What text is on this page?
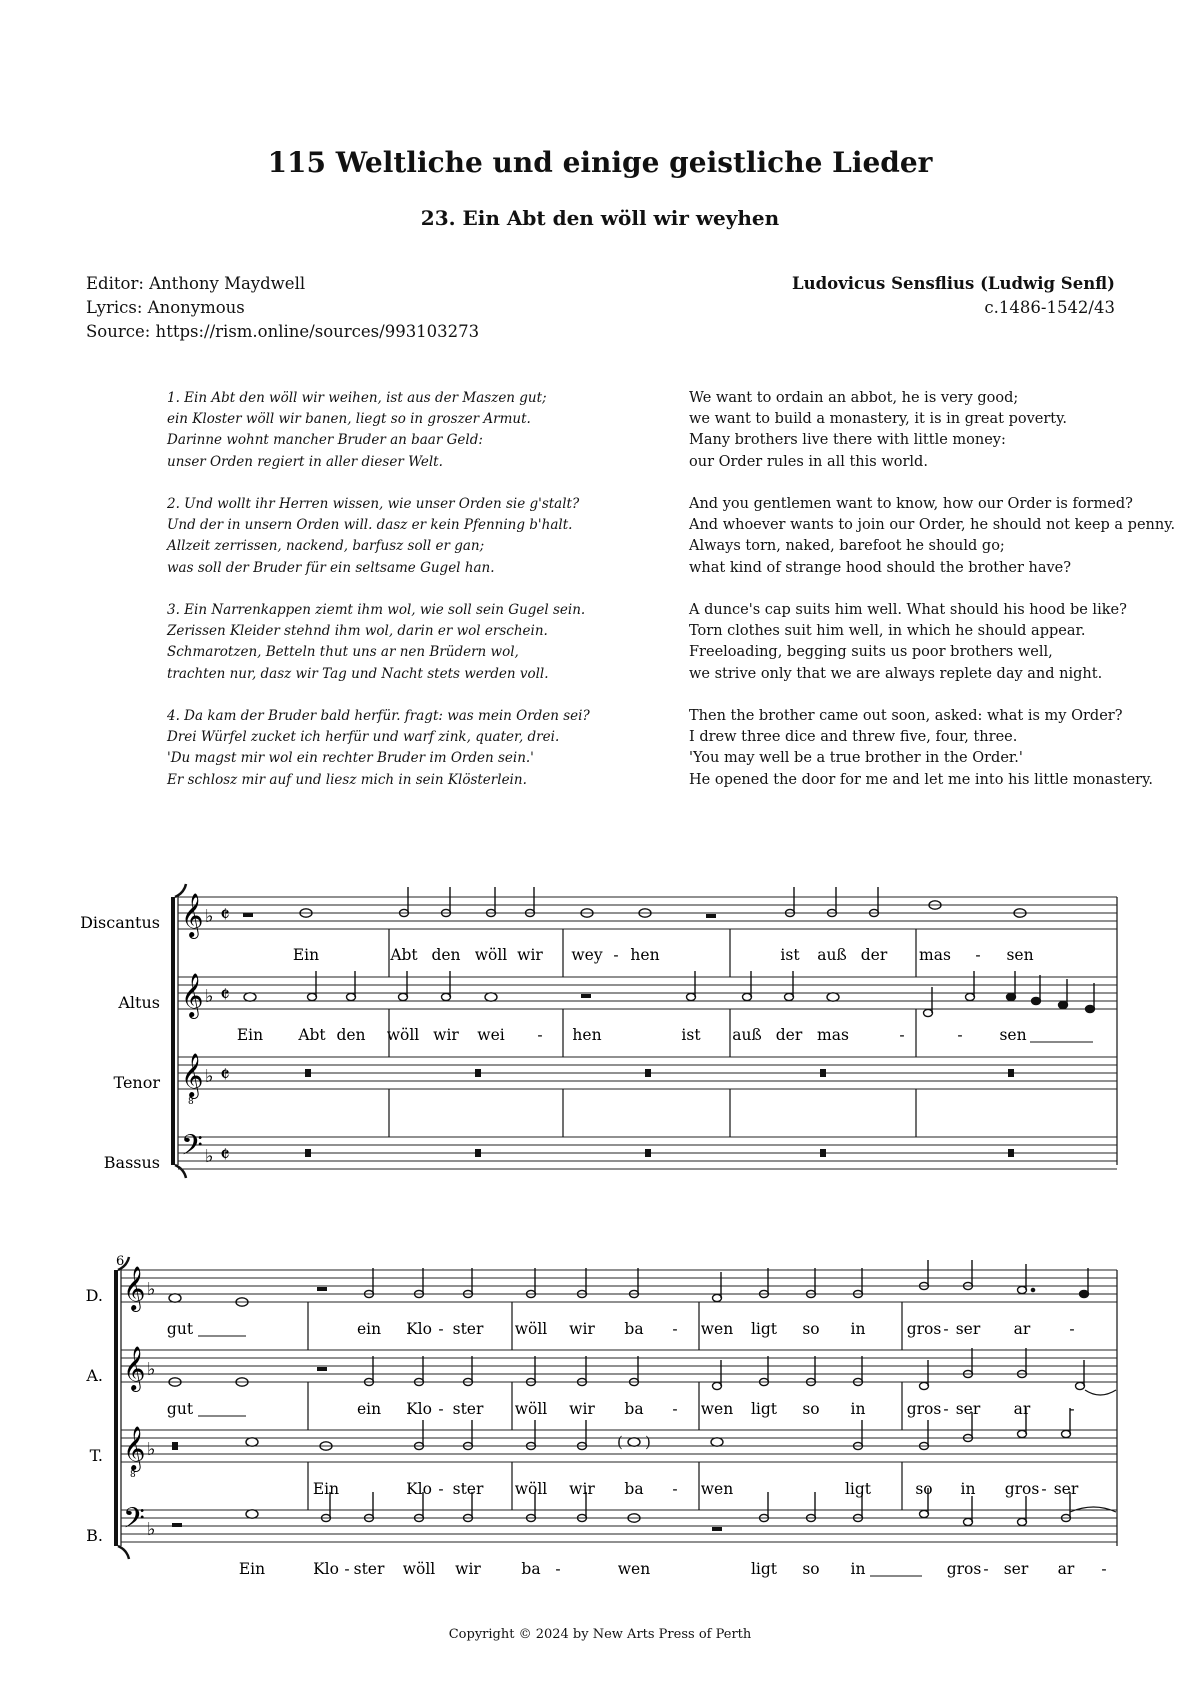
115 Weltliche und einige geistliche Lieder
23. Ein Abt den wöll wir weyhen
Editor: Anthony Maydwell
Lyrics: Anonymous
Source: https://rism.online/sources/993103273
Ludovicus Sensflius (Ludwig Senfl)
c.1486-1542/43
1. Ein Abt den wöll wir weihen, ist aus der Maszen gut;
ein Kloster wöll wir banen, liegt so in groszer Armut.
Darinne wohnt mancher Bruder an baar Geld:
unser Orden regiert in aller dieser Welt.
2. Und wollt ihr Herren wissen, wie unser Orden sie g'stalt?
Und der in unsern Orden will. dasz er kein Pfenning b'halt.
Allzeit zerrissen, nackend, barfusz soll er gan;
was soll der Bruder für ein seltsame Gugel han.
3. Ein Narrenkappen ziemt ihm wol, wie soll sein Gugel sein.
Zerissen Kleider stehnd ihm wol, darin er wol erschein.
Schmarotzen, Betteln thut uns ar nen Brüdern wol,
trachten nur, dasz wir Tag und Nacht stets werden voll.
4. Da kam der Bruder bald herfür. fragt: was mein Orden sei?
Drei Würfel zucket ich herfür und warf zink, quater, drei.
'Du magst mir wol ein rechter Bruder im Orden sein.'
Er schlosz mir auf und liesz mich in sein Klösterlein.
We want to ordain an abbot, he is very good;
we want to build a monastery, it is in great poverty.
Many brothers live there with little money:
our Order rules in all this world.
And you gentlemen want to know, how our Order is formed?
And whoever wants to join our Order, he should not keep a penny.
Always torn, naked, barefoot he should go;
what kind of strange hood should the brother have?
A dunce's cap suits him well. What should his hood be like?
Torn clothes suit him well, in which he should appear.
Freeloading, begging suits us poor brothers well,
we strive only that we are always replete day and night.
Then the brother came out soon, asked: what is my Order?
I drew three dice and threw five, four, three.
'You may well be a true brother in the Order.'
He opened the door for me and let me into his little monastery.
Discantus
Altus
Tenor
Bassus
𝄞
𝄞
𝄞
8
𝄢
♭
♭
♭
♭
𝄵
𝄵
𝄵
𝄵
Ein	Abt den wöll wir wey - hen	ist auß der mas - sen
Ein Abt den wöll wir wei - hen	ist auß der mas	-	- sen
6
D.
A.
T.
B.
𝄞
𝄞
𝄞
8
𝄢
♭
♭
♭
♭
( )
gut	ein Klo - ster wöll wir ba - wen ligt so in	gros - ser ar	-
gut	ein Klo - ster wöll wir ba - wen ligt so in	gros - ser ar	-
Ein	Klo - ster wöll wir ba - wen	ligt	so in gros - ser
Ein	Klo - ster wöll wir	ba -	wen	ligt so in	gros - ser ar -
Copyright © 2024 by New Arts Press of Perth
